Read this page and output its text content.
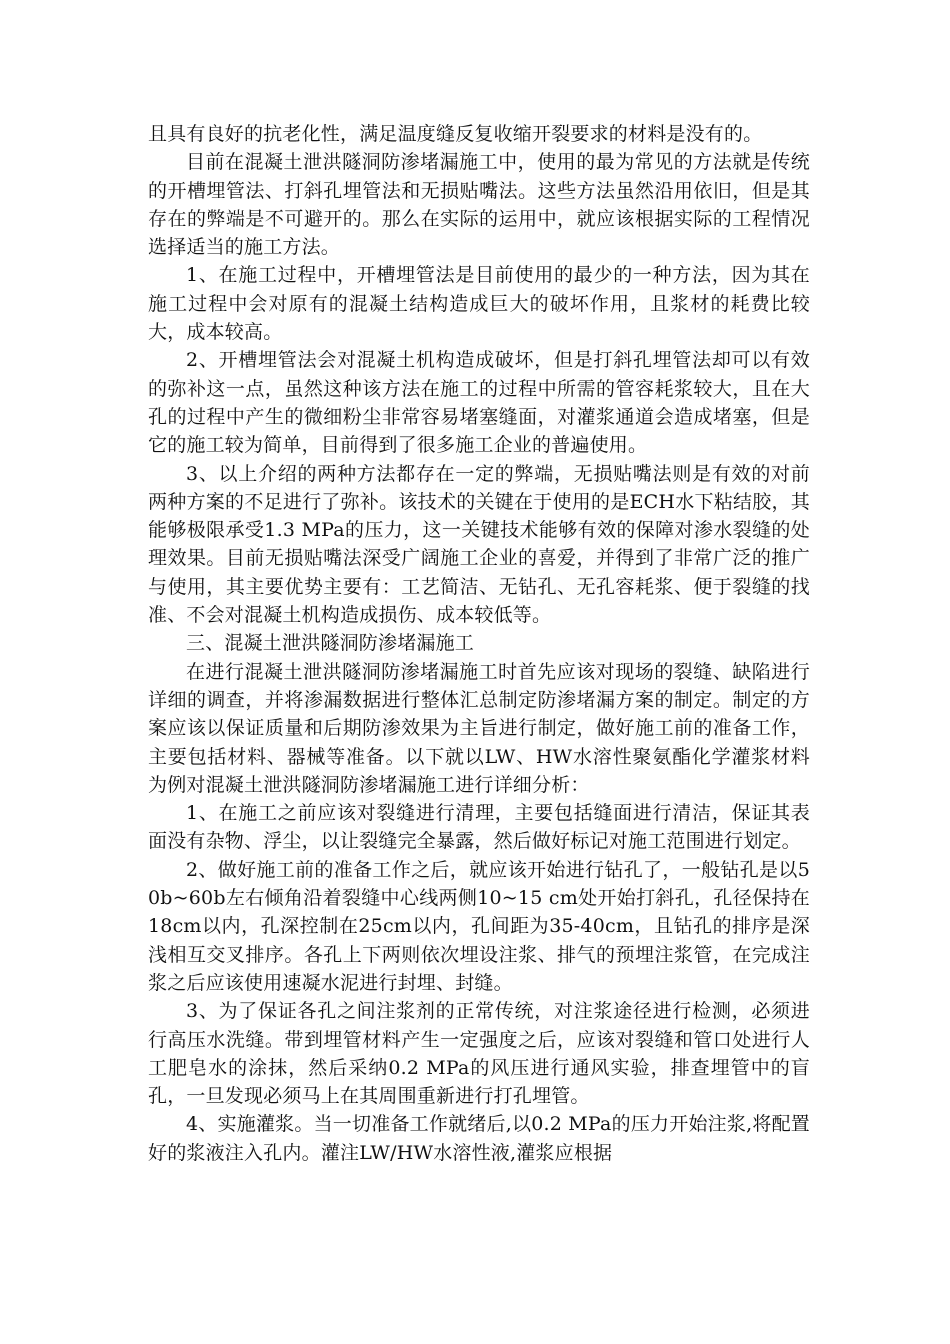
且具有良好的抗老化性，满足温度缝反复收缩开裂要求的材料是没有的。

目前在混凝土泄洪隧洞防渗堵漏施工中，使用的最为常见的方法就是传统的开槽埋管法、打斜孔埋管法和无损贴嘴法。这些方法虽然沿用依旧，但是其存在的弊端是不可避开的。那么在实际的运用中，就应该根据实际的工程情况选择适当的施工方法。

1、在施工过程中，开槽埋管法是目前使用的最少的一种方法，因为其在施工过程中会对原有的混凝土结构造成巨大的破坏作用，且浆材的耗费比较大，成本较高。

2、开槽埋管法会对混凝土机构造成破坏，但是打斜孔埋管法却可以有效的弥补这一点，虽然这种该方法在施工的过程中所需的管容耗浆较大，且在大孔的过程中产生的微细粉尘非常容易堵塞缝面，对灌浆通道会造成堵塞，但是它的施工较为简单，目前得到了很多施工企业的普遍使用。

3、以上介绍的两种方法都存在一定的弊端，无损贴嘴法则是有效的对前两种方案的不足进行了弥补。该技术的关键在于使用的是ECH水下粘结胶，其能够极限承受1.3 MPa的压力，这一关键技术能够有效的保障对渗水裂缝的处理效果。目前无损贴嘴法深受广阔施工企业的喜爱，并得到了非常广泛的推广与使用，其主要优势主要有：工艺简洁、无钻孔、无孔容耗浆、便于裂缝的找准、不会对混凝土机构造成损伤、成本较低等。

三、混凝土泄洪隧洞防渗堵漏施工

在进行混凝土泄洪隧洞防渗堵漏施工时首先应该对现场的裂缝、缺陷进行详细的调查，并将渗漏数据进行整体汇总制定防渗堵漏方案的制定。制定的方案应该以保证质量和后期防渗效果为主旨进行制定，做好施工前的准备工作，主要包括材料、器械等准备。以下就以LW、HW水溶性聚氨酯化学灌浆材料为例对混凝土泄洪隧洞防渗堵漏施工进行详细分析：

1、在施工之前应该对裂缝进行清理，主要包括缝面进行清洁，保证其表面没有杂物、浮尘，以让裂缝完全暴露，然后做好标记对施工范围进行划定。

2、做好施工前的准备工作之后，就应该开始进行钻孔了，一般钻孔是以50b~60b左右倾角沿着裂缝中心线两侧10~15 cm处开始打斜孔，孔径保持在18cm以内，孔深控制在25cm以内，孔间距为35-40cm，且钻孔的排序是深浅相互交叉排序。各孔上下两则依次埋设注浆、排气的预埋注浆管，在完成注浆之后应该使用速凝水泥进行封埋、封缝。

3、为了保证各孔之间注浆剂的正常传统，对注浆途径进行检测，必须进行高压水洗缝。带到埋管材料产生一定强度之后，应该对裂缝和管口处进行人工肥皂水的涂抹，然后采纳0.2 MPa的风压进行通风实验，排查埋管中的盲孔，一旦发现必须马上在其周围重新进行打孔埋管。

4、实施灌浆。当一切准备工作就绪后,以0.2 MPa的压力开始注浆,将配置好的浆液注入孔内。灌注LW/HW水溶性液,灌浆应根据
